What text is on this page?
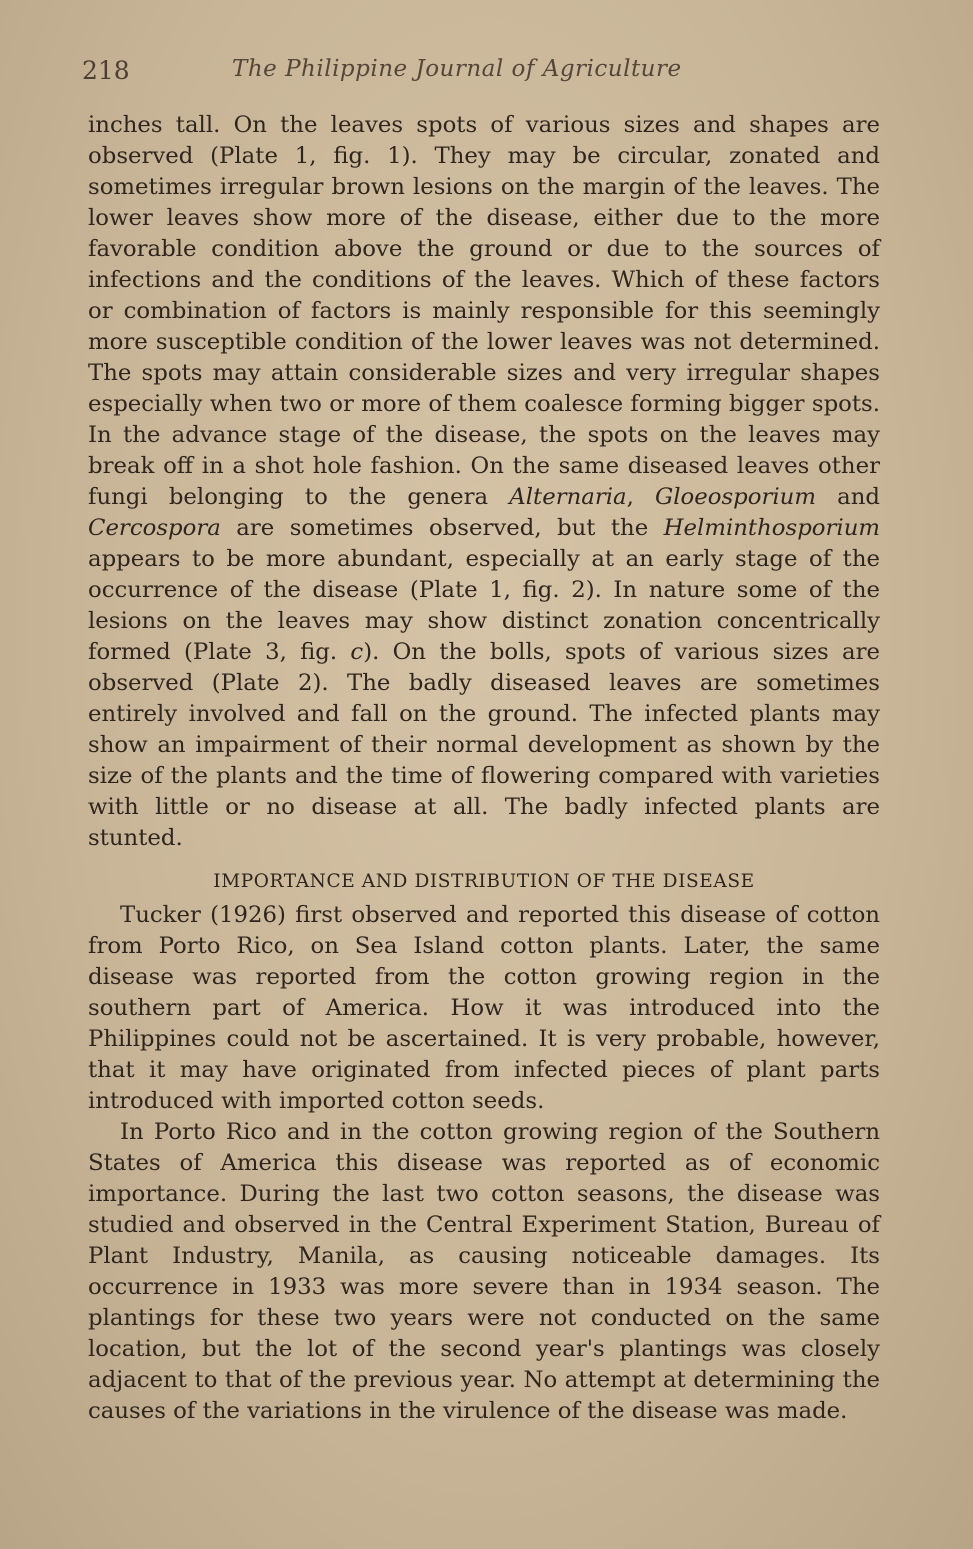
218	The Philippine Journal of Agriculture

inches tall. On the leaves spots of various sizes and shapes are observed (Plate 1, fig. 1). They may be circular, zonated and sometimes irregular brown lesions on the margin of the leaves. The lower leaves show more of the disease, either due to the more favorable condition above the ground or due to the sources of infections and the conditions of the leaves. Which of these factors or combination of factors is mainly responsible for this seemingly more susceptible condition of the lower leaves was not determined. The spots may attain considerable sizes and very irregular shapes especially when two or more of them coalesce forming bigger spots. In the advance stage of the disease, the spots on the leaves may break off in a shot hole fashion. On the same diseased leaves other fungi belonging to the genera Alternaria, Gloeosporium and Cercospora are sometimes observed, but the Helminthosporium appears to be more abundant, especially at an early stage of the occurrence of the disease (Plate 1, fig. 2). In nature some of the lesions on the leaves may show distinct zonation concentrically formed (Plate 3, fig. c). On the bolls, spots of various sizes are observed (Plate 2). The badly diseased leaves are sometimes entirely involved and fall on the ground. The infected plants may show an impairment of their normal development as shown by the size of the plants and the time of flowering compared with varieties with little or no disease at all. The badly infected plants are stunted.

IMPORTANCE AND DISTRIBUTION OF THE DISEASE

Tucker (1926) first observed and reported this disease of cotton from Porto Rico, on Sea Island cotton plants. Later, the same disease was reported from the cotton growing region in the southern part of America. How it was introduced into the Philippines could not be ascertained. It is very probable, however, that it may have originated from infected pieces of plant parts introduced with imported cotton seeds.

In Porto Rico and in the cotton growing region of the Southern States of America this disease was reported as of economic importance. During the last two cotton seasons, the disease was studied and observed in the Central Experiment Station, Bureau of Plant Industry, Manila, as causing noticeable damages. Its occurrence in 1933 was more severe than in 1934 season. The plantings for these two years were not conducted on the same location, but the lot of the second year's plantings was closely adjacent to that of the previous year. No attempt at determining the causes of the variations in the virulence of the disease was made.
